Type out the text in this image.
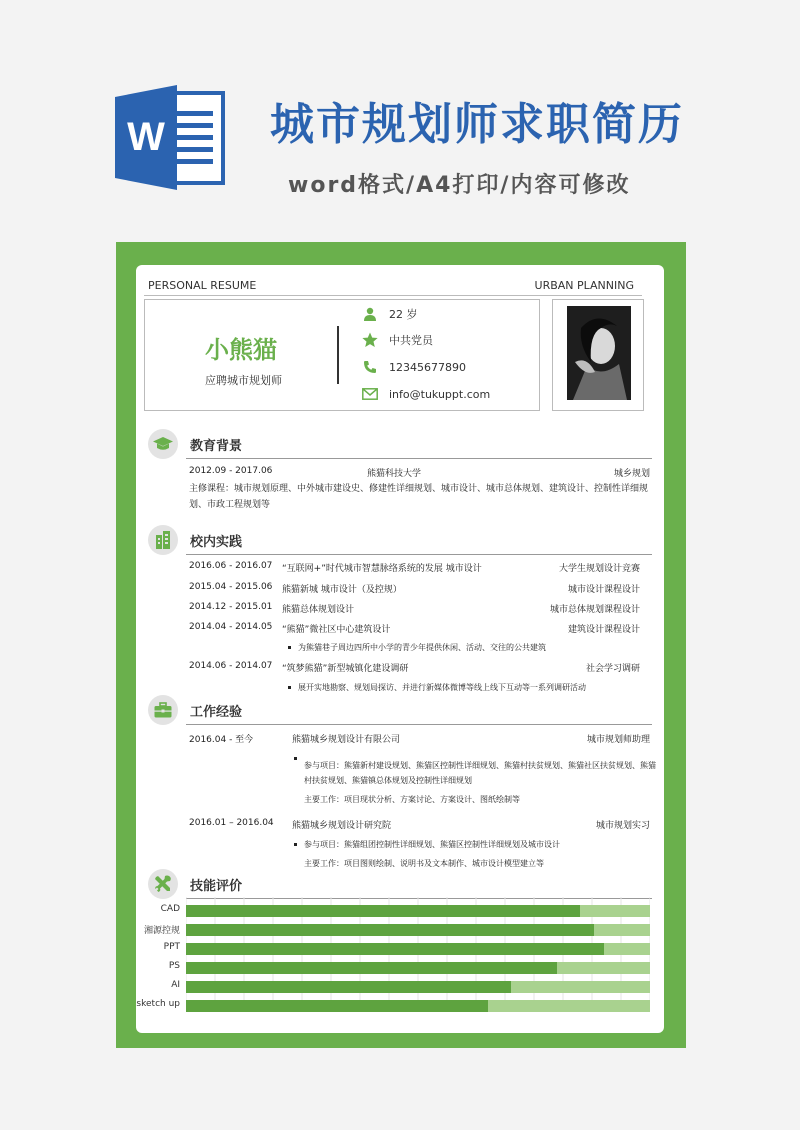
W 城市规划师求职简历
word格式/A4打印/内容可修改
PERSONAL RESUME	URBAN PLANNING
小熊猫
应聘城市规划师
22 岁
中共党员
12345677890
info@tukuppt.com
教育背景
2012.09 - 2017.06	熊猫科技大学	城乡规划
主修课程：城市规划原理、中外城市建设史、修建性详细规划、城市设计、城市总体规划、建筑设计、控制性详细规划、市政工程规划等
校内实践
2016.06 - 2016.07 “互联网+”时代城市智慧脉络系统的发展 城市设计	大学生规划设计竞赛
2015.04 - 2015.06 熊猫新城 城市设计（及控规）	城市设计课程设计
2014.12 - 2015.01 熊猫总体规划设计	城市总体规划课程设计
2014.04 - 2014.05 “熊猫”微社区中心建筑设计	建筑设计课程设计
为熊猫巷子周边四所中小学的青少年提供休闲、活动、交往的公共建筑
2014.06 - 2014.07 “筑梦熊猫”新型城镇化建设调研	社会学习调研
展开实地勘察、规划局探访、并进行新媒体微博等线上线下互动等一系列调研活动
工作经验
2016.04 - 至今	熊猫城乡规划设计有限公司	城市规划师助理
参与项目：熊猫新村建设规划、熊猫区控制性详细规划、熊猫村扶贫规划、熊猫社区扶贫规划、熊猫村扶贫规划、熊猫镇总体规划及控制性详细规划
主要工作：项目现状分析、方案讨论、方案设计、图纸绘制等
2016.01 – 2016.04 熊猫城乡规划设计研究院	城市规划实习
参与项目：熊猫组团控制性详细规划、熊猫区控制性详细规划及城市设计
主要工作：项目图则绘制、说明书及文本制作、城市设计模型建立等
技能评价
CAD
湘源控规
PPT
PS
AI
sketch up
